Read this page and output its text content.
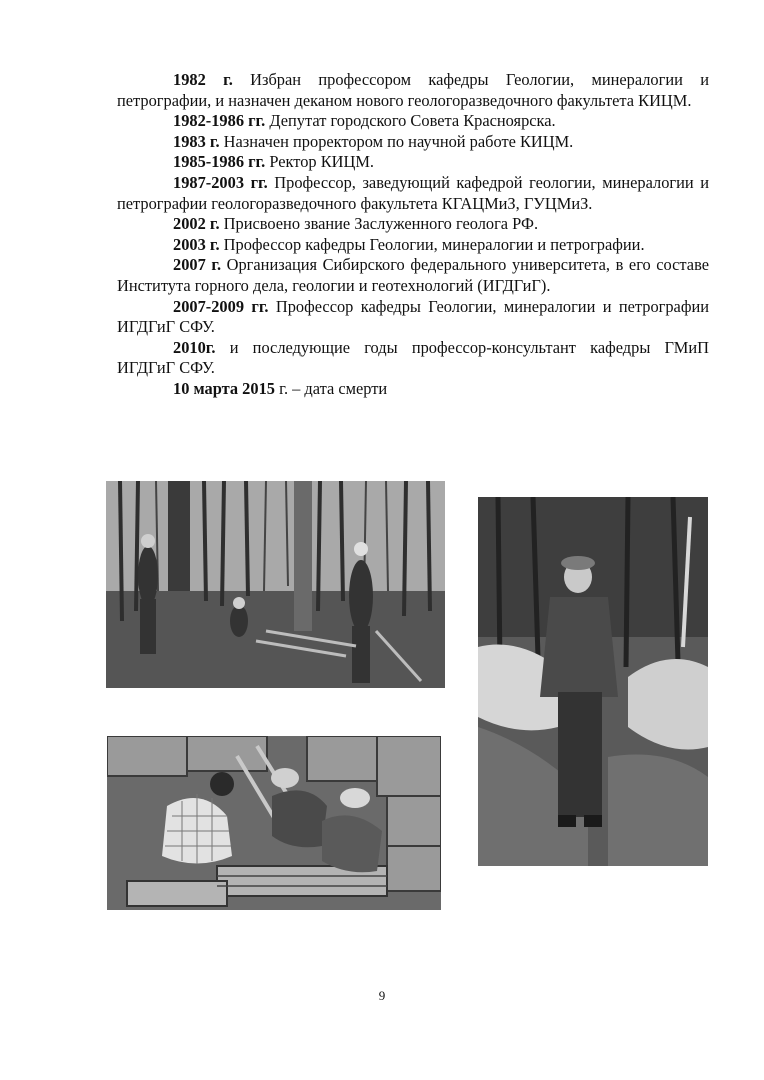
1982 г. Избран профессором кафедры Геологии, минералогии и петрографии, и назначен деканом нового геологоразведочного факультета КИЦМ.

1982-1986 гг. Депутат городского Совета Красноярска.

1983 г. Назначен проректором по научной работе КИЦМ.

1985-1986 гг. Ректор КИЦМ.

1987-2003 гг. Профессор, заведующий кафедрой геологии, минералогии и петрографии геологоразведочного факультета КГАЦМиЗ, ГУЦМиЗ.

2002 г. Присвоено звание Заслуженного геолога РФ.

2003 г. Профессор кафедры Геологии, минералогии и петрографии.

2007 г. Организация Сибирского федерального университета, в его составе Института горного дела, геологии и геотехнологий (ИГДГиГ).

2007-2009 гг. Профессор кафедры Геологии, минералогии и петрографии ИГДГиГ СФУ.

2010г. и последующие годы профессор-консультант кафедры ГМиП ИГДГиГ СФУ.

10 марта 2015 г. – дата смерти

9
